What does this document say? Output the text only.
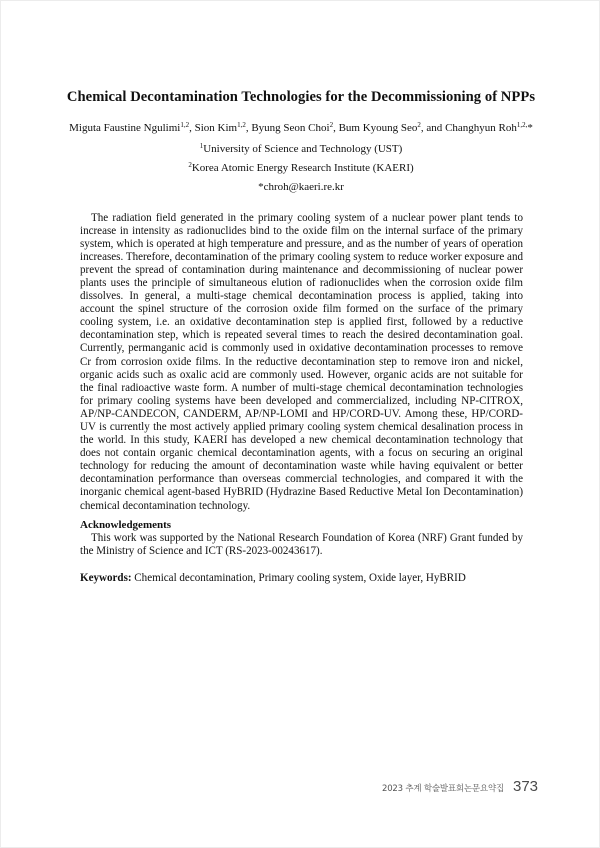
Chemical Decontamination Technologies for the Decommissioning of NPPs
Miguta Faustine Ngulimi$^{1,2}$, Sion Kim$^{1,2}$, Byung Seon Choi$^2$, Bum Kyoung Seo$^2$, and Changhyun Roh$^{1,2,}$*
$^1$University of Science and Technology (UST)
$^2$Korea Atomic Energy Research Institute (KAERI)
*chroh@kaeri.re.kr

The radiation field generated in the primary cooling system of a nuclear power plant tends to increase in intensity as radionuclides bind to the oxide film on the internal surface of the primary system, which is operated at high temperature and pressure, and as the number of years of operation increases. Therefore, decontamination of the primary cooling system to reduce worker exposure and prevent the spread of contamination during maintenance and decommissioning of nuclear power plants uses the principle of simultaneous elution of radionuclides when the corrosion oxide film dissolves. In general, a multi-stage chemical decontamination process is applied, taking into account the spinel structure of the corrosion oxide film formed on the surface of the primary cooling system, i.e. an oxidative decontamination step is applied first, followed by a reductive decontamination step, which is repeated several times to reach the desired decontamination goal. Currently, permanganic acid is commonly used in oxidative decontamination processes to remove Cr from corrosion oxide films. In the reductive decontamination step to remove iron and nickel, organic acids such as oxalic acid are commonly used. However, organic acids are not suitable for the final radioactive waste form. A number of multi-stage chemical decontamination technologies for primary cooling systems have been developed and commercialized, including NP-CITROX, AP/NP-CANDECON, CANDERM, AP/NP-LOMI and HP/CORD-UV. Among these, HP/CORD-UV is currently the most actively applied primary cooling system chemical desalination process in the world. In this study, KAERI has developed a new chemical decontamination technology that does not contain organic chemical decontamination agents, with a focus on securing an original technology for reducing the amount of decontamination waste while having equivalent or better decontamination performance than overseas commercial technologies, and compared it with the inorganic chemical agent-based HyBRID (Hydrazine Based Reductive Metal Ion Decontamination) chemical decontamination technology.

Acknowledgements

This work was supported by the National Research Foundation of Korea (NRF) Grant funded by the Ministry of Science and ICT (RS-2023-00243617).

Keywords: Chemical decontamination, Primary cooling system, Oxide layer, HyBRID
2023 추계 학술발표회논문요약집 373
